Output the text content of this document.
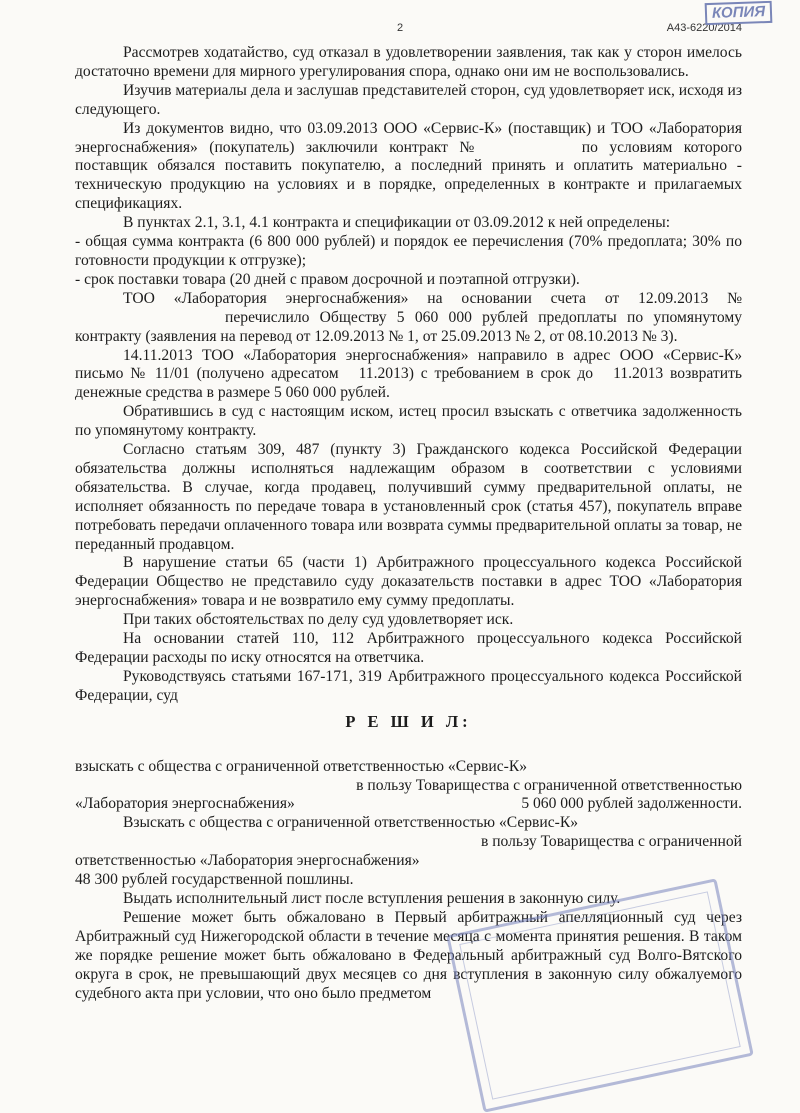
2	А43-6220/2014
КОПИЯ

Рассмотрев ходатайство, суд отказал в удовлетворении заявления, так как у сторон имелось достаточно времени для мирного урегулирования спора, однако они им не воспользовались.

Изучив материалы дела и заслушав представителей сторон, суд удовлетворяет иск, исходя из следующего.

Из документов видно, что 03.09.2013 ООО «Сервис-К» (поставщик) и ТОО «Лаборатория энергоснабжения» (покупатель) заключили контракт №	по условиям которого поставщик обязался поставить покупателю, а последний принять и оплатить материально - техническую продукцию на условиях и в порядке, определенных в контракте и прилагаемых спецификациях.

В пунктах 2.1, 3.1, 4.1 контракта и спецификации от 03.09.2012 к ней определены:

- общая сумма контракта (6 800 000 рублей) и порядок ее перечисления (70% предоплата; 30% по готовности продукции к отгрузке);

- срок поставки товара (20 дней с правом досрочной и поэтапной отгрузки).

ТОО «Лаборатория энергоснабжения» на основании счета от 12.09.2013 №перечислило Обществу 5 060 000 рублей предоплаты по упомянутому контракту (заявления на перевод от 12.09.2013 № 1, от 25.09.2013 № 2, от 08.10.2013 № 3).

14.11.2013 ТОО «Лаборатория энергоснабжения» направило в адрес ООО «Сервис-К» письмо № 11/01 (получено адресатом 11.2013) с требованием в срок до 11.2013 возвратить денежные средства в размере 5 060 000 рублей.

Обратившись в суд с настоящим иском, истец просил взыскать с ответчика задолженность по упомянутому контракту.

Согласно статьям 309, 487 (пункту 3) Гражданского кодекса Российской Федерации обязательства должны исполняться надлежащим образом в соответствии с условиями обязательства. В случае, когда продавец, получивший сумму предварительной оплаты, не исполняет обязанность по передаче товара в установленный срок (статья 457), покупатель вправе потребовать передачи оплаченного товара или возврата суммы предварительной оплаты за товар, не переданный продавцом.

В нарушение статьи 65 (части 1) Арбитражного процессуального кодекса Российской Федерации Общество не представило суду доказательств поставки в адрес ТОО «Лаборатория энергоснабжения» товара и не возвратило ему сумму предоплаты.

При таких обстоятельствах по делу суд удовлетворяет иск.

На основании статей 110, 112 Арбитражного процессуального кодекса Российской Федерации расходы по иску относятся на ответчика.

Руководствуясь статьями 167-171, 319 Арбитражного процессуального кодекса Российской Федерации, суд

Р Е Ш И Л:

взыскать с общества с ограниченной ответственностью «Сервис-К»

в пользу Товарищества с ограниченной ответственностью

«Лаборатория энергоснабжения»	5 060 000 рублей задолженности.

Взыскать с общества с ограниченной ответственностью «Сервис-К»

в пользу Товарищества с ограниченной

ответственностью «Лаборатория энергоснабжения»

48 300 рублей государственной пошлины.

Выдать исполнительный лист после вступления решения в законную силу.

Решение может быть обжаловано в Первый арбитражный апелляционный суд через Арбитражный суд Нижегородской области в течение месяца с момента принятия решения. В таком же порядке решение может быть обжаловано в Федеральный арбитражный суд Волго-Вятского округа в срок, не превышающий двух месяцев со дня вступления в законную силу обжалуемого судебного акта при условии, что оно было предметом
